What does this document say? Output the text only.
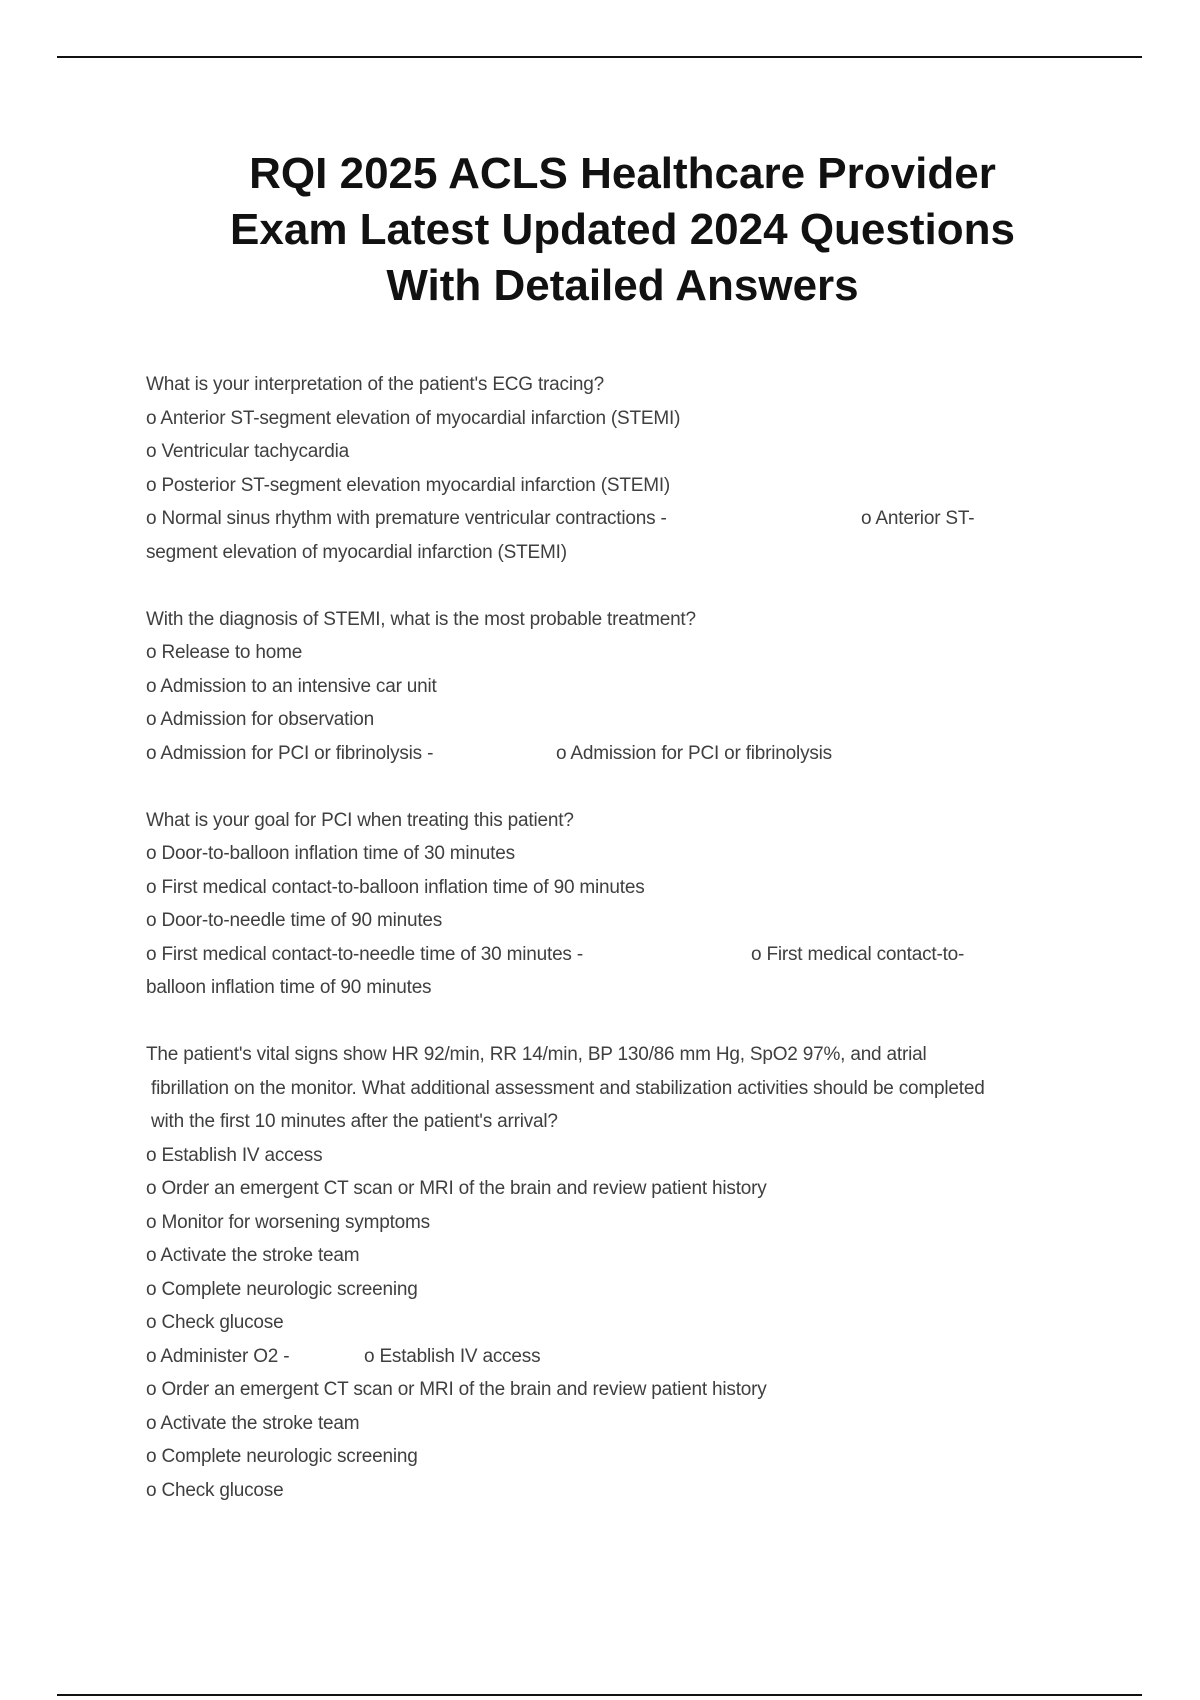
RQI 2025 ACLS Healthcare Provider
Exam Latest Updated 2024 Questions
With Detailed Answers
What is your interpretation of the patient's ECG tracing?
o Anterior ST-segment elevation of myocardial infarction (STEMI)
o Ventricular tachycardia
o Posterior ST-segment elevation myocardial infarction (STEMI)
o Normal sinus rhythm with premature ventricular contractions -	o Anterior ST-
segment elevation of myocardial infarction (STEMI)
With the diagnosis of STEMI, what is the most probable treatment?
o Release to home
o Admission to an intensive car unit
o Admission for observation
o Admission for PCI or fibrinolysis -	o Admission for PCI or fibrinolysis
What is your goal for PCI when treating this patient?
o Door-to-balloon inflation time of 30 minutes
o First medical contact-to-balloon inflation time of 90 minutes
o Door-to-needle time of 90 minutes
o First medical contact-to-needle time of 30 minutes -	o First medical contact-to-
balloon inflation time of 90 minutes
The patient's vital signs show HR 92/min, RR 14/min, BP 130/86 mm Hg, SpO2 97%, and atrial
fibrillation on the monitor. What additional assessment and stabilization activities should be completed
with the first 10 minutes after the patient's arrival?
o Establish IV access
o Order an emergent CT scan or MRI of the brain and review patient history
o Monitor for worsening symptoms
o Activate the stroke team
o Complete neurologic screening
o Check glucose
o Administer O2 -	o Establish IV access
o Order an emergent CT scan or MRI of the brain and review patient history
o Activate the stroke team
o Complete neurologic screening
o Check glucose
